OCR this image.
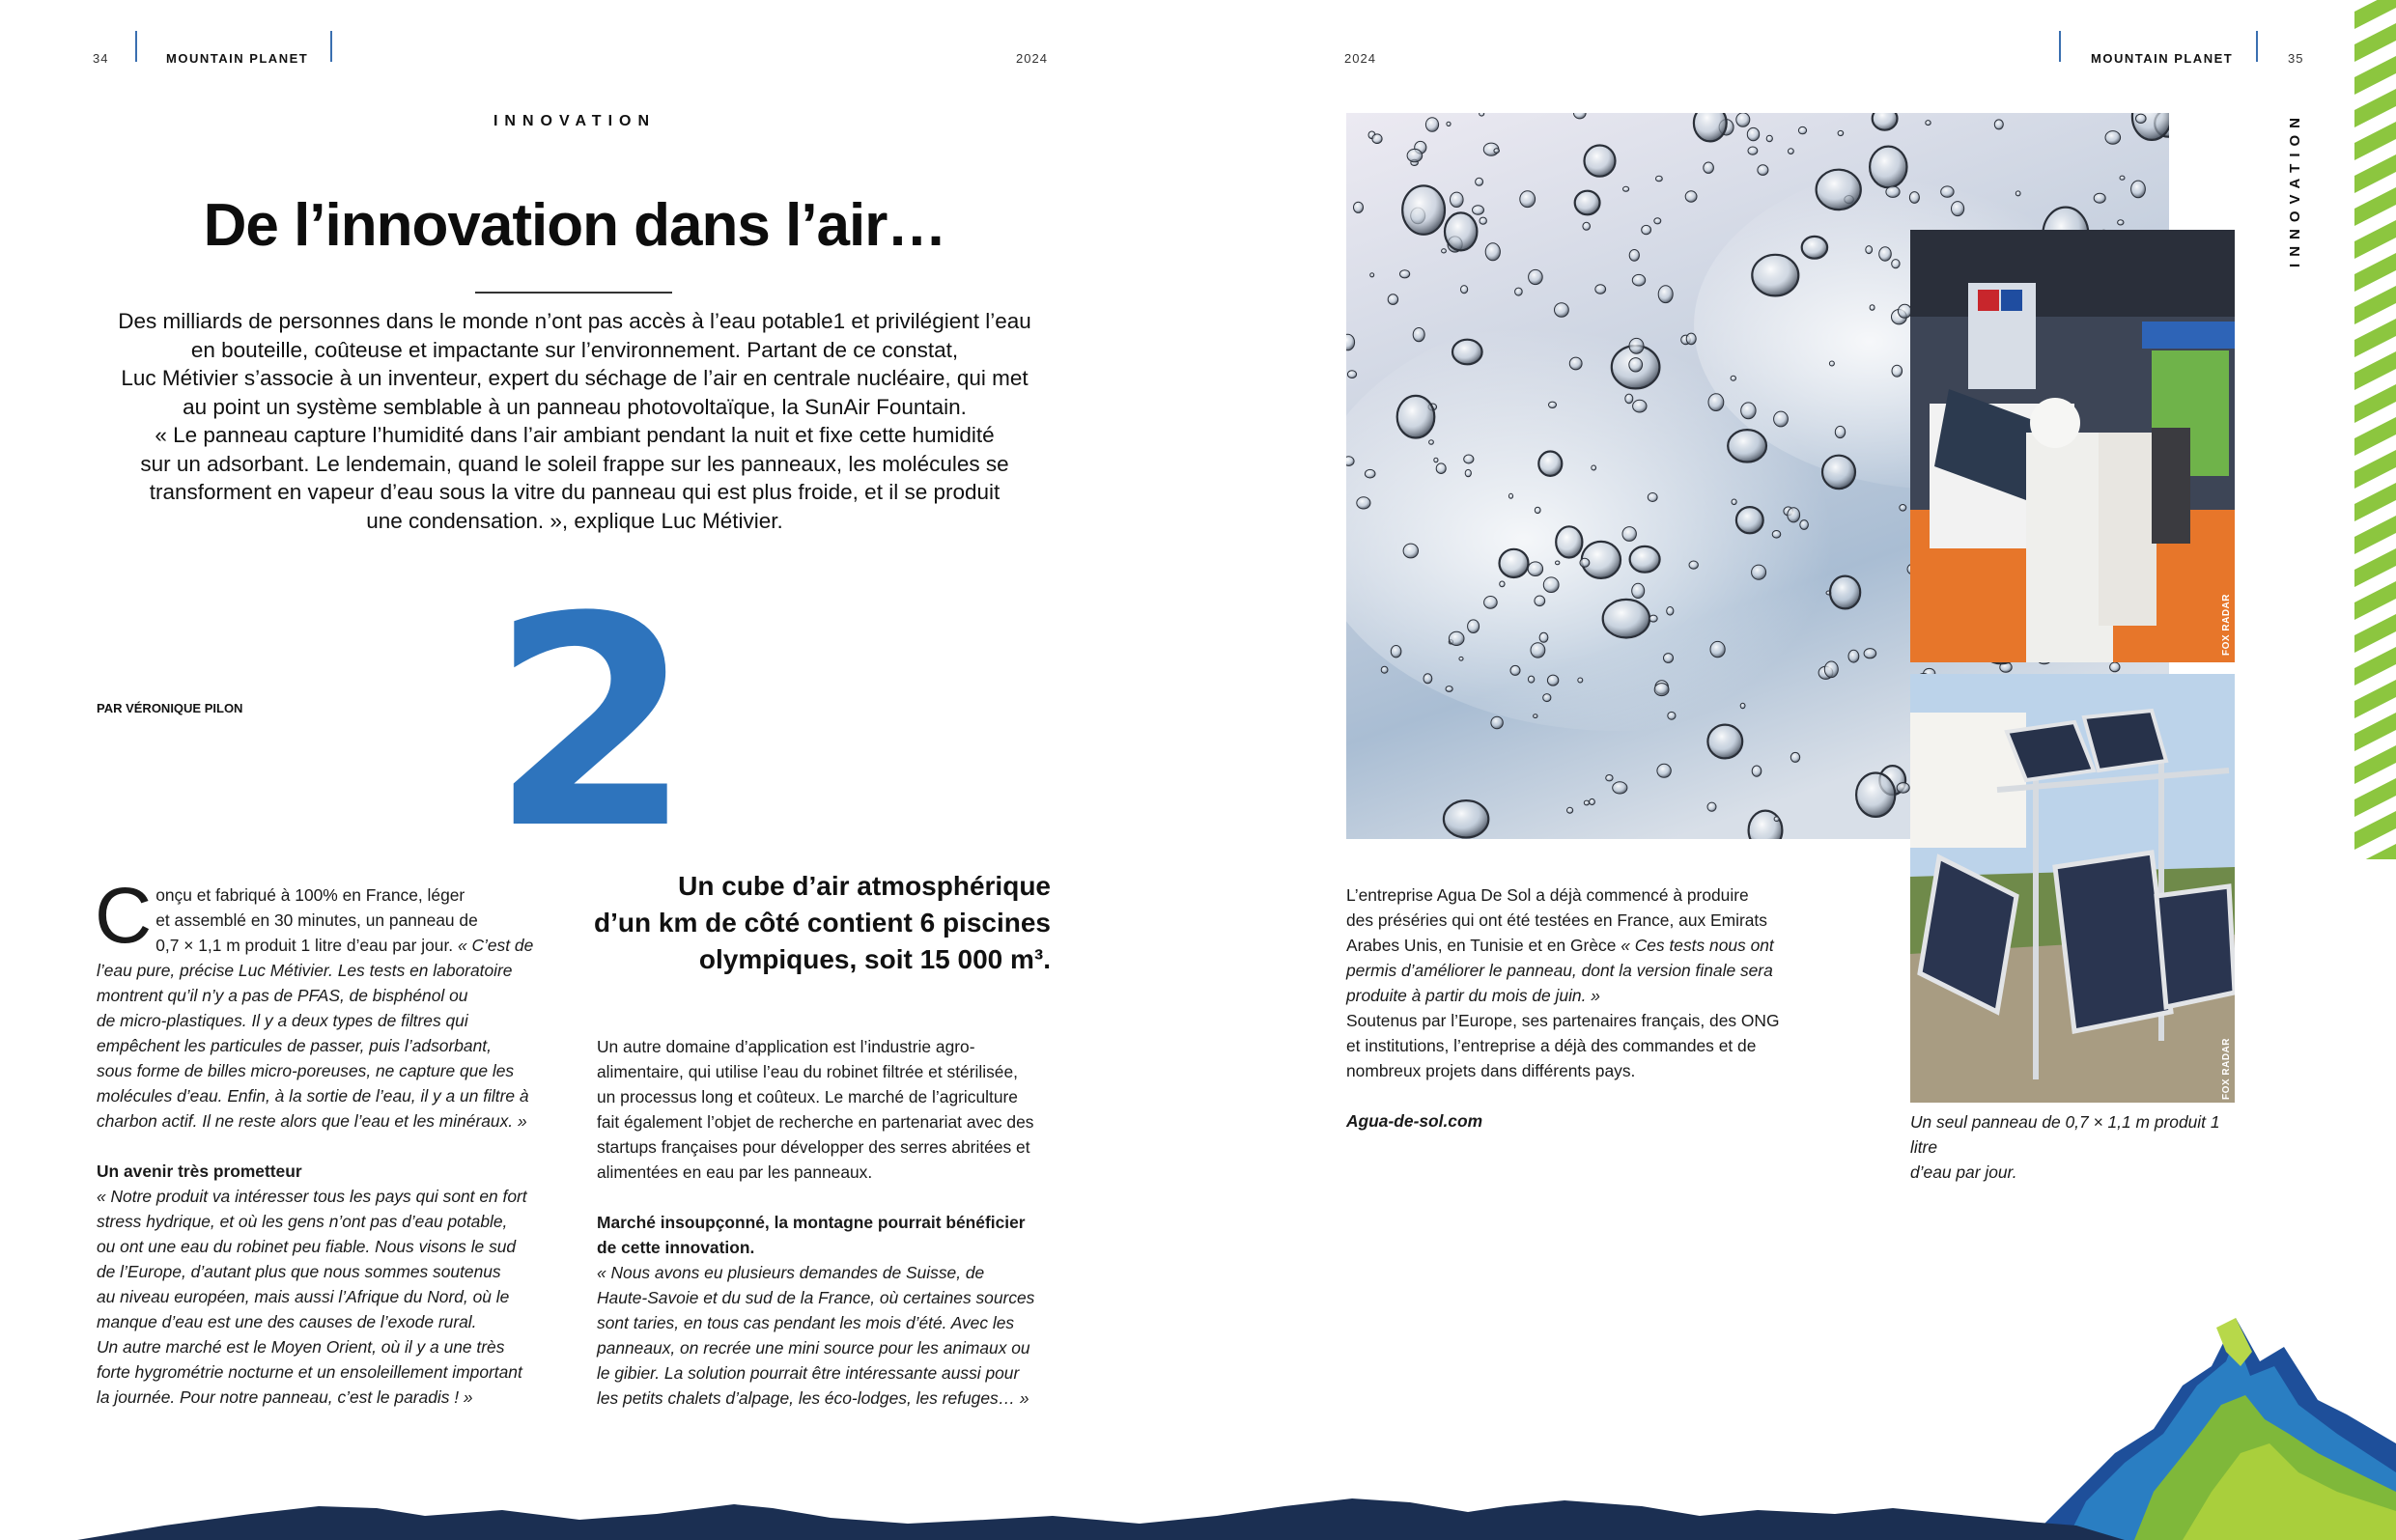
34	MOUNTAIN PLANET	2024
INNOVATION
De l’innovation dans l’air…
Des milliards de personnes dans le monde n’ont pas accès à l’eau potable1 et privilégient l’eau
en bouteille, coûteuse et impactante sur l’environnement. Partant de ce constat,
Luc Métivier s’associe à un inventeur, expert du séchage de l’air en centrale nucléaire, qui met
au point un système semblable à un panneau photovoltaïque, la SunAir Fountain.
« Le panneau capture l’humidité dans l’air ambiant pendant la nuit et fixe cette humidité
sur un adsorbant. Le lendemain, quand le soleil frappe sur les panneaux, les molécules se
transforment en vapeur d’eau sous la vitre du panneau qui est plus froide, et il se produit
une condensation. », explique Luc Métivier.
PAR VÉRONIQUE PILON 2
C onçu et fabriqué à 100% en France, léger

et assemblé en 30 minutes, un panneau de

0,7 × 1,1 m produit 1 litre d’eau par jour. « C’est de

l’eau pure, précise Luc Métivier. Les tests en laboratoire

montrent qu’il n’y a pas de PFAS, de bisphénol ou

de micro-plastiques. Il y a deux types de filtres qui

empêchent les particules de passer, puis l’adsorbant,

sous forme de billes micro-poreuses, ne capture que les

molécules d’eau. Enfin, à la sortie de l’eau, il y a un filtre à

charbon actif. Il ne reste alors que l’eau et les minéraux. »

Un avenir très prometteur

« Notre produit va intéresser tous les pays qui sont en fort

stress hydrique, et où les gens n’ont pas d’eau potable,

ou ont une eau du robinet peu fiable. Nous visons le sud

de l’Europe, d’autant plus que nous sommes soutenus

au niveau européen, mais aussi l’Afrique du Nord, où le

manque d’eau est une des causes de l’exode rural.

Un autre marché est le Moyen Orient, où il y a une très

forte hygrométrie nocturne et un ensoleillement important

la journée. Pour notre panneau, c’est le paradis ! »

Un cube d’air atmosphérique
d’un km de côté contient 6 piscines
olympiques, soit 15 000 m³.

Un autre domaine d’application est l’industrie agro-

alimentaire, qui utilise l’eau du robinet filtrée et stérilisée,

un processus long et coûteux. Le marché de l’agriculture

fait également l’objet de recherche en partenariat avec des

startups françaises pour développer des serres abritées et

alimentées en eau par les panneaux.

Marché insoupçonné, la montagne pourrait bénéficier

de cette innovation.

« Nous avons eu plusieurs demandes de Suisse, de

Haute-Savoie et du sud de la France, où certaines sources

sont taries, en tous cas pendant les mois d’été. Avec les

panneaux, on recrée une mini source pour les animaux ou

le gibier. La solution pourrait être intéressante aussi pour

les petits chalets d’alpage, les éco-lodges, les refuges… »

2024	MOUNTAIN PLANET	35
INNOVATION
FOX RADAR
FOX RADAR

L’entreprise Agua De Sol a déjà commencé à produire

des préséries qui ont été testées en France, aux Emirats

Arabes Unis, en Tunisie et en Grèce « Ces tests nous ont

permis d’améliorer le panneau, dont la version finale sera

produite à partir du mois de juin. »

Soutenus par l’Europe, ses partenaires français, des ONG

et institutions, l’entreprise a déjà des commandes et de

nombreux projets dans différents pays.

Agua-de-sol.com	Un seul panneau de 0,7 × 1,1 m produit 1 litre
d’eau par jour.
